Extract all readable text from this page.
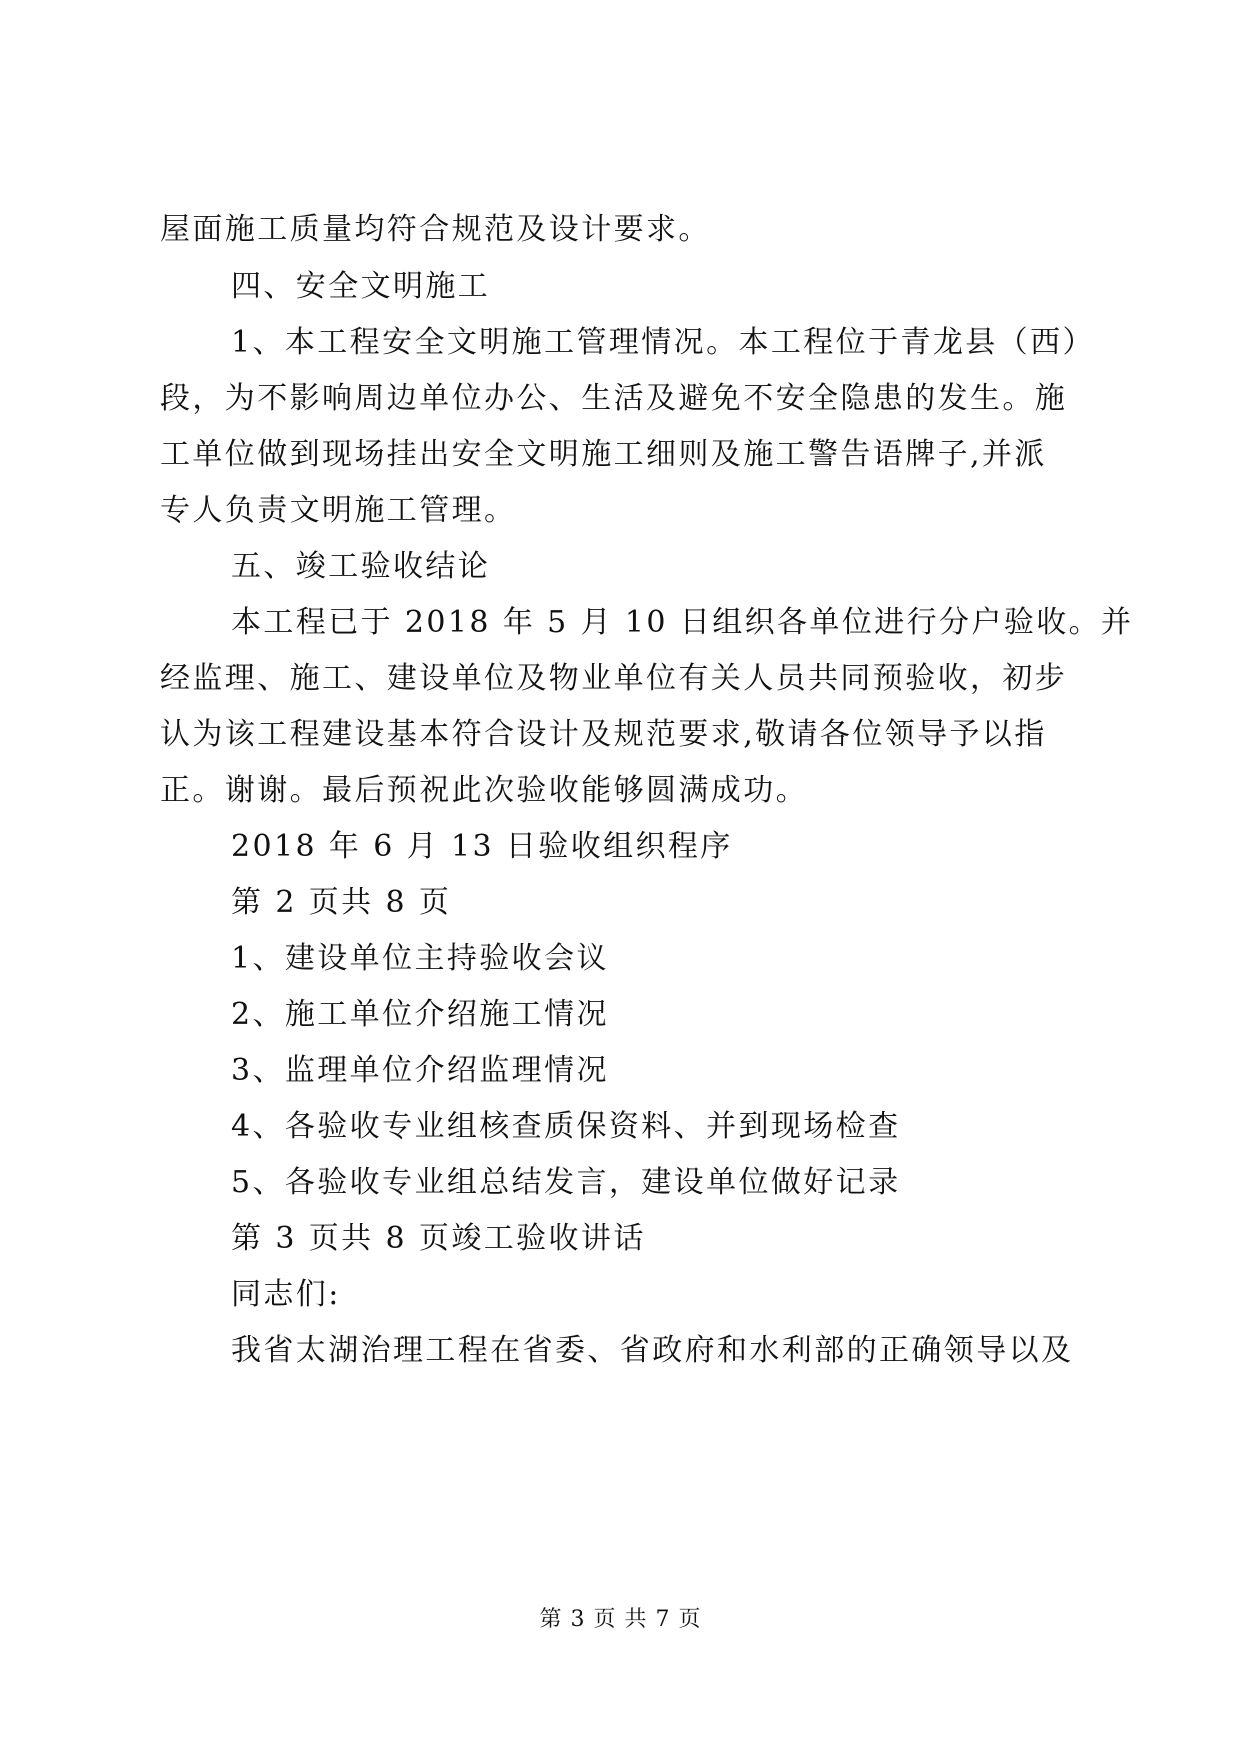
屋面施工质量均符合规范及设计要求。
四、安全文明施工
1、本工程安全文明施工管理情况。本工程位于青龙县（西）
段，为不影响周边单位办公、生活及避免不安全隐患的发生。施
工单位做到现场挂出安全文明施工细则及施工警告语牌子,并派
专人负责文明施工管理。
五、竣工验收结论
本工程已于 2018 年 5 月 10 日组织各单位进行分户验收。并
经监理、施工、建设单位及物业单位有关人员共同预验收，初步
认为该工程建设基本符合设计及规范要求,敬请各位领导予以指
正。谢谢。最后预祝此次验收能够圆满成功。
2018 年 6 月 13 日验收组织程序
第 2 页共 8 页
1、建设单位主持验收会议
2、施工单位介绍施工情况
3、监理单位介绍监理情况
4、各验收专业组核查质保资料、并到现场检查
5、各验收专业组总结发言，建设单位做好记录
第 3 页共 8 页竣工验收讲话
同志们:
我省太湖治理工程在省委、省政府和水利部的正确领导以及
第 3 页 共 7 页
